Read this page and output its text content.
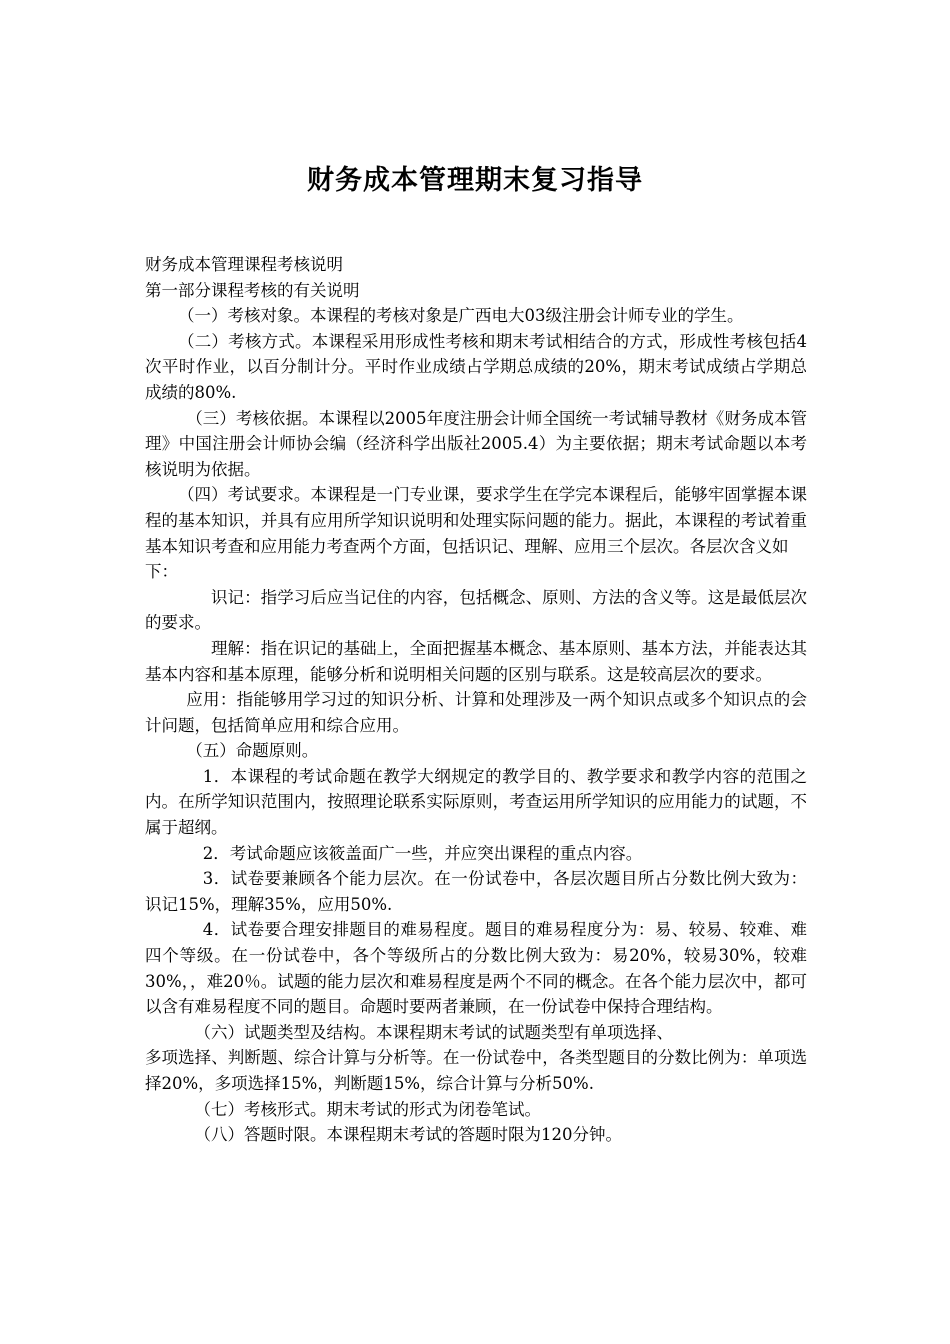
财务成本管理期末复习指导

财务成本管理课程考核说明

第一部分课程考核的有关说明

（一）考核对象。本课程的考核对象是广西电大03级注册会计师专业的学生。

（二）考核方式。本课程采用形成性考核和期末考试相结合的方式，形成性考核包括4次平时作业，以百分制计分。平时作业成绩占学期总成绩的20%，期末考试成绩占学期总成绩的80%.

（三）考核依据。本课程以2005年度注册会计师全国统一考试辅导教材《财务成本管理》中国注册会计师协会编（经济科学出版社2005.4）为主要依据；期末考试命题以本考核说明为依据。

（四）考试要求。本课程是一门专业课，要求学生在学完本课程后，能够牢固掌握本课程的基本知识，并具有应用所学知识说明和处理实际问题的能力。据此，本课程的考试着重基本知识考查和应用能力考查两个方面，包括识记、理解、应用三个层次。各层次含义如

下：

识记：指学习后应当记住的内容，包括概念、原则、方法的含义等。这是最低层次的要求。

理解：指在识记的基础上，全面把握基本概念、基本原则、基本方法，并能表达其基本内容和基本原理，能够分析和说明相关问题的区别与联系。这是较高层次的要求。

应用：指能够用学习过的知识分析、计算和处理涉及一两个知识点或多个知识点的会计问题，包括简单应用和综合应用。

（五）命题原则。

1．本课程的考试命题在教学大纲规定的教学目的、教学要求和教学内容的范围之内。在所学知识范围内，按照理论联系实际原则，考查运用所学知识的应用能力的试题，不属于超纲。

2．考试命题应该筱盖面广一些，并应突出课程的重点内容。

3．试卷要兼顾各个能力层次。在一份试卷中，各层次题目所占分数比例大致为：识记15%，理解35%，应用50%.

4．试卷要合理安排题目的难易程度。题目的难易程度分为：易、较易、较难、难四个等级。在一份试卷中，各个等级所占的分数比例大致为：易20%，较易30%，较难30%，，难20％。试题的能力层次和难易程度是两个不同的概念。在各个能力层次中，都可以含有难易程度不同的题目。命题时要两者兼顾，在一份试卷中保持合理结构。

（六）试题类型及结构。本课程期末考试的试题类型有单项选择、

多项选择、判断题、综合计算与分析等。在一份试卷中，各类型题目的分数比例为：单项选择20%，多项选择15%，判断题15%，综合计算与分析50%.

（七）考核形式。期末考试的形式为闭卷笔试。

（八）答题时限。本课程期末考试的答题时限为120分钟。
